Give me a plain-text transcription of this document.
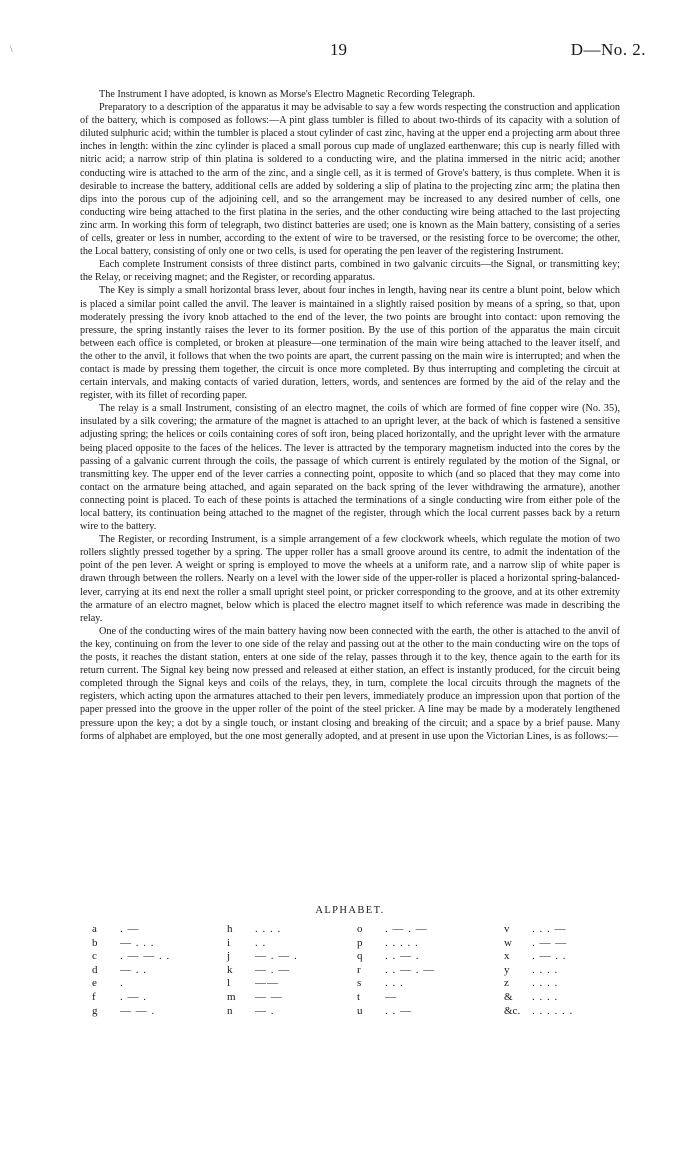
\	19	D—No. 2.

The Instrument I have adopted, is known as Morse's Electro Magnetic Recording Telegraph.

Preparatory to a description of the apparatus it may be advisable to say a few words respecting the construction and application of the battery, which is composed as follows:—A pint glass tumbler is filled to about two-thirds of its capacity with a solution of diluted sulphuric acid; within the tumbler is placed a stout cylinder of cast zinc, having at the upper end a projecting arm about three inches in length: within the zinc cylinder is placed a small porous cup made of unglazed earthenware; this cup is nearly filled with nitric acid; a narrow strip of thin platina is soldered to a conducting wire, and the platina immersed in the nitric acid; another conducting wire is attached to the arm of the zinc, and a single cell, as it is termed of Grove's battery, is thus complete. When it is desirable to increase the battery, additional cells are added by soldering a slip of platina to the projecting zinc arm; the platina then dips into the porous cup of the adjoining cell, and so the arrangement may be increased to any desired number of cells, one conducting wire being attached to the first platina in the series, and the other conducting wire being attached to the last projecting zinc arm. In working this form of telegraph, two distinct batteries are used; one is known as the Main battery, consisting of a series of cells, greater or less in number, according to the extent of wire to be traversed, or the resisting force to be overcome; the other, the Local battery, consisting of only one or two cells, is used for operating the pen leaver of the registering Instrument.

Each complete Instrument consists of three distinct parts, combined in two galvanic circuits—the Signal, or transmitting key; the Relay, or receiving magnet; and the Register, or recording apparatus.

The Key is simply a small horizontal brass lever, about four inches in length, having near its centre a blunt point, below which is placed a similar point called the anvil. The leaver is maintained in a slightly raised position by means of a spring, so that, upon moderately pressing the ivory knob attached to the end of the lever, the two points are brought into contact: upon removing the pressure, the spring instantly raises the lever to its former position. By the use of this portion of the apparatus the main circuit between each office is completed, or broken at pleasure—one termination of the main wire being attached to the leaver itself, and the other to the anvil, it follows that when the two points are apart, the current passing on the main wire is interrupted; and when the contact is made by pressing them together, the circuit is once more completed. By thus interrupting and completing the circuit at certain intervals, and making contacts of varied duration, letters, words, and sentences are formed by the aid of the relay and the register, with its fillet of recording paper.

The relay is a small Instrument, consisting of an electro magnet, the coils of which are formed of fine copper wire (No. 35), insulated by a silk covering; the armature of the magnet is attached to an upright lever, at the back of which is fastened a sensitive adjusting spring; the helices or coils containing cores of soft iron, being placed horizontally, and the upright lever with the armature being placed opposite to the faces of the helices. The lever is attracted by the temporary magnetism inducted into the cores by the passing of a galvanic current through the coils, the passage of which current is entirely regulated by the motion of the Signal, or transmitting key. The upper end of the lever carries a connecting point, opposite to which (and so placed that they may come into contact on the armature being attached, and again separated on the back spring of the lever withdrawing the armature), another connecting point is placed. To each of these points is attached the terminations of a single conducting wire from either pole of the local battery, its continuation being attached to the magnet of the register, through which the local current passes back by a return wire to the battery.

The Register, or recording Instrument, is a simple arrangement of a few clockwork wheels, which regulate the motion of two rollers slightly pressed together by a spring. The upper roller has a small groove around its centre, to admit the indentation of the point of the pen lever. A weight or spring is employed to move the wheels at a uniform rate, and a narrow slip of white paper is drawn through between the rollers. Nearly on a level with the lower side of the upper-roller is placed a horizontal spring-balanced-lever, carrying at its end next the roller a small upright steel point, or pricker corresponding to the groove, and at its other extremity the armature of an electro magnet, below which is placed the electro magnet itself to which reference was made in describing the relay.

One of the conducting wires of the main battery having now been connected with the earth, the other is attached to the anvil of the key, continuing on from the lever to one side of the relay and passing out at the other to the main conducting wire on the tops of the posts, it reaches the distant station, enters at one side of the relay, passes through it to the key, thence again to the earth for its return current. The Signal key being now pressed and released at either station, an effect is instantly produced, for the circuit being completed through the Signal keys and coils of the relays, they, in turn, complete the local circuits through the magnets of the registers, which acting upon the armatures attached to their pen levers, immediately produce an impression upon that portion of the paper pressed into the groove in the upper roller of the point of the steel pricker. A line may be made by a moderately lengthened pressure upon the key; a dot by a single touch, or instant closing and breaking of the circuit; and a space by a brief pause. Many forms of alphabet are employed, but the one most generally adopted, and at present in use upon the Victorian Lines, is as follows:—

ALPHABET.
a . —
b — . . .
c . — — . .
d — . .
e .
f . — .
g — — .
h . . . .
i . .
j — . — .
k — . —
l ——
m — —
n — .
o . — . —
p . . . . .
q . . — .
r . . — . —
s . . .
t —
u . . —
v . . . —
w . — —
x . — . .
y . . . .
z . . . .
& . . . .
&c. . . . . . .
